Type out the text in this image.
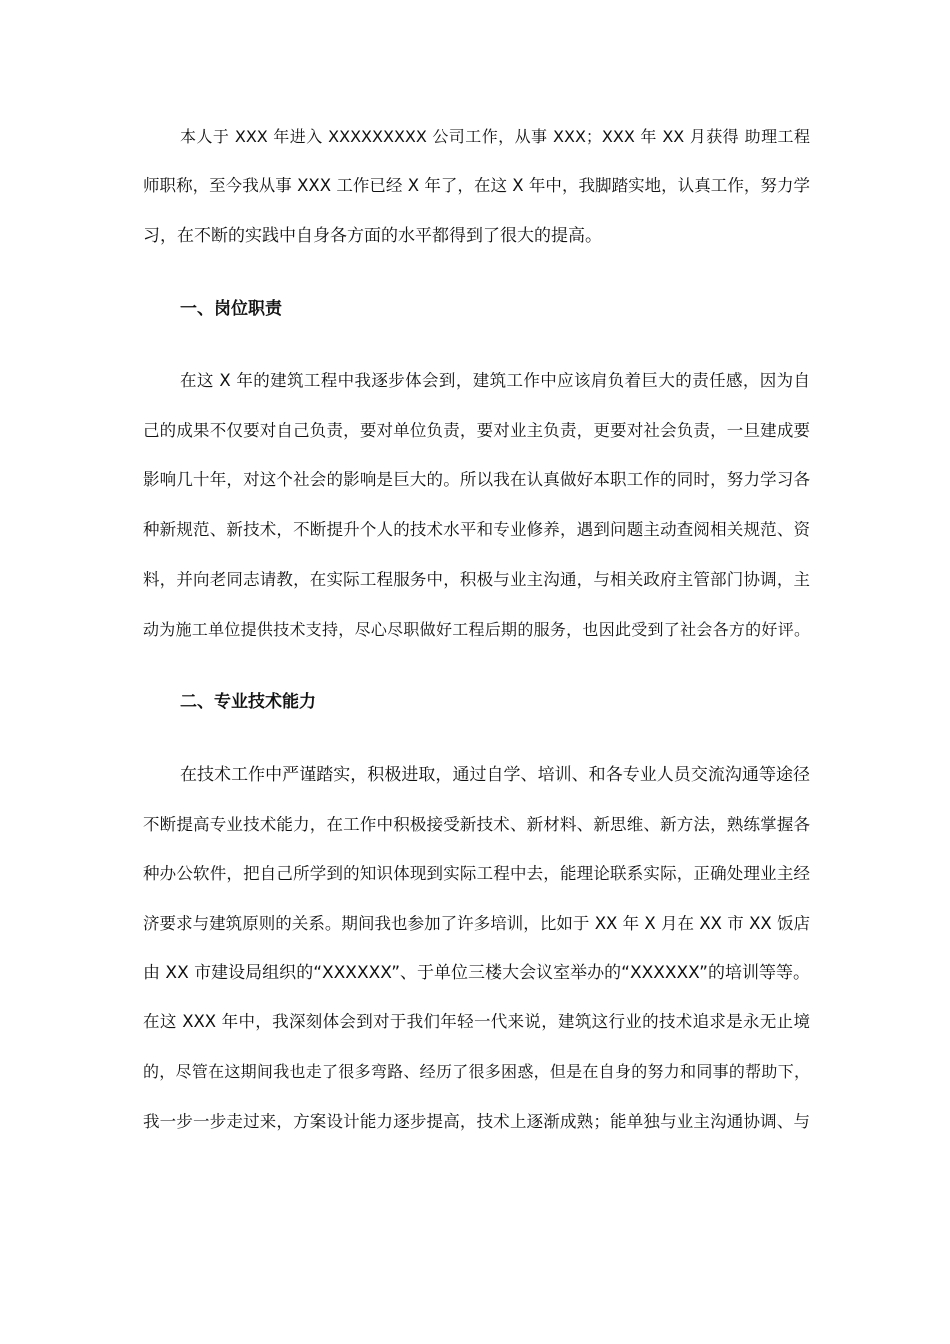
本人于 XXX 年进入 XXXXXXXXX 公司工作，从事 XXX；XXX 年 XX 月获得 助理工程
师职称，至今我从事 XXX 工作已经 X 年了，在这 X 年中，我脚踏实地，认真工作，努力学
习，在不断的实践中自身各方面的水平都得到了很大的提高。
一、岗位职责
在这 X 年的建筑工程中我逐步体会到，建筑工作中应该肩负着巨大的责任感，因为自
己的成果不仅要对自己负责，要对单位负责，要对业主负责，更要对社会负责，一旦建成要
影响几十年，对这个社会的影响是巨大的。所以我在认真做好本职工作的同时，努力学习各
种新规范、新技术，不断提升个人的技术水平和专业修养，遇到问题主动查阅相关规范、资
料，并向老同志请教，在实际工程服务中，积极与业主沟通，与相关政府主管部门协调，主
动为施工单位提供技术支持，尽心尽职做好工程后期的服务，也因此受到了社会各方的好评。
二、专业技术能力
在技术工作中严谨踏实，积极进取，通过自学、培训、和各专业人员交流沟通等途径
不断提高专业技术能力，在工作中积极接受新技术、新材料、新思维、新方法，熟练掌握各
种办公软件，把自己所学到的知识体现到实际工程中去，能理论联系实际，正确处理业主经
济要求与建筑原则的关系。期间我也参加了许多培训，比如于 XX 年 X 月在 XX 市 XX 饭店
由 XX 市建设局组织的“XXXXXX”、于单位三楼大会议室举办的“XXXXXX”的培训等等。
在这 XXX 年中，我深刻体会到对于我们年轻一代来说，建筑这行业的技术追求是永无止境
的，尽管在这期间我也走了很多弯路、经历了很多困惑，但是在自身的努力和同事的帮助下，
我一步一步走过来，方案设计能力逐步提高，技术上逐渐成熟；能单独与业主沟通协调、与
